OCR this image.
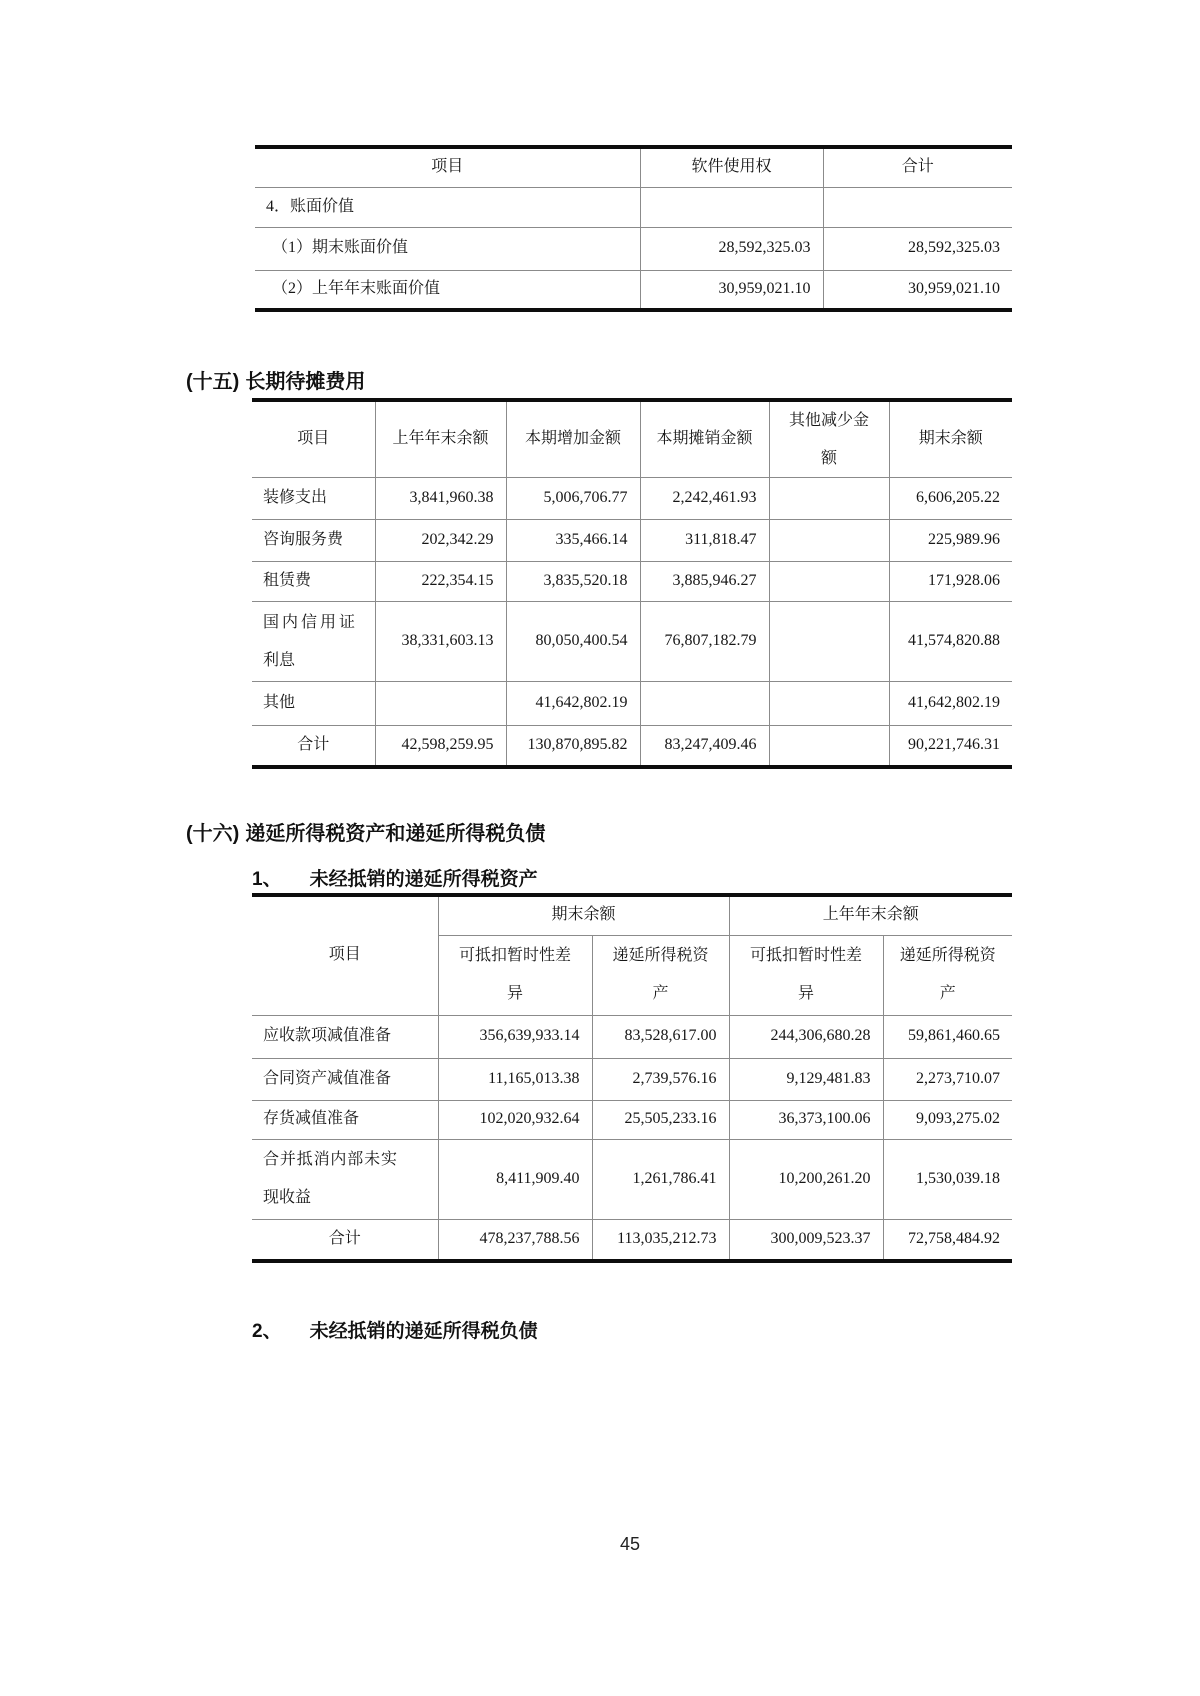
项目	软件使用权	合计
4．账面价值		
（1）期末账面价值	28,592,325.03	28,592,325.03
（2）上年年末账面价值	30,959,021.10	30,959,021.10
(十五) 长期待摊费用
项目	上年年末余额	本期增加金额	本期摊销金额	其他减少金额	期末余额
装修支出	3,841,960.38	5,006,706.77	2,242,461.93		6,606,205.22
咨询服务费	202,342.29	335,466.14	311,818.47		225,989.96
租赁费	222,354.15	3,835,520.18	3,885,946.27		171,928.06

国内信用证利息	38,331,603.13	80,050,400.54	76,807,182.79		41,574,820.88
其他		41,642,802.19			41,642,802.19
合计	42,598,259.95	130,870,895.82	83,247,409.46		90,221,746.31
(十六) 递延所得税资产和递延所得税负债
1、 未经抵销的递延所得税资产
项目	期末余额		上年年末余额	

	可抵扣暂时性差异	递延所得税资产	可抵扣暂时性差异	递延所得税资产

应收款项减值准备	356,639,933.14	83,528,617.00	244,306,680.28	59,861,460.65
合同资产减值准备	11,165,013.38	2,739,576.16	9,129,481.83	2,273,710.07
存货减值准备	102,020,932.64	25,505,233.16	36,373,100.06	9,093,275.02

合并抵消内部未实现收益	8,411,909.40	1,261,786.41	10,200,261.20	1,530,039.18
合计	478,237,788.56	113,035,212.73	300,009,523.37	72,758,484.92
2、 未经抵销的递延所得税负债
45
